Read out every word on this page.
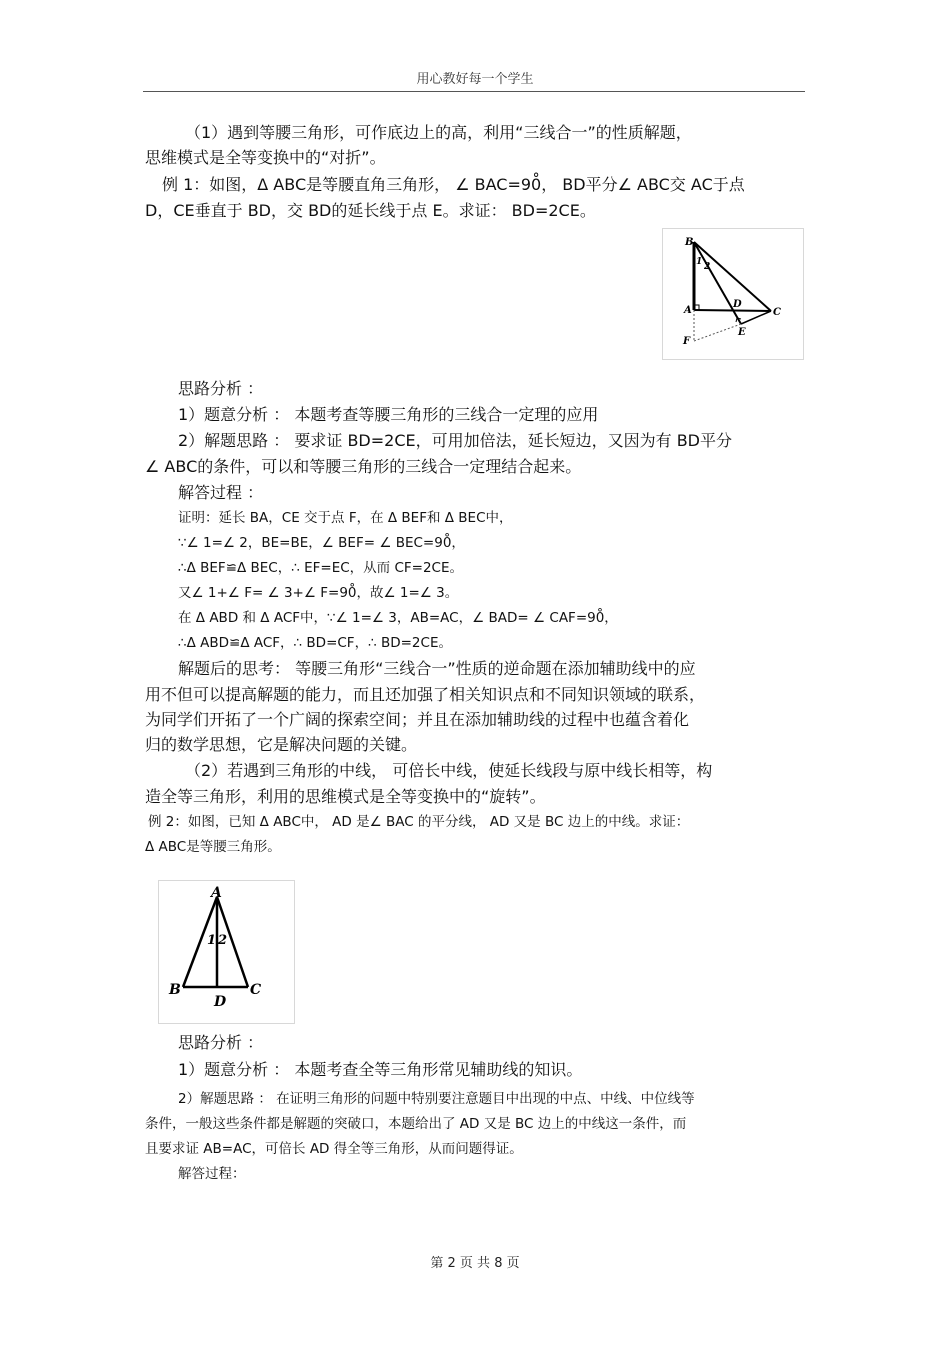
用心教好每一个学生
（1）遇到等腰三角形，可作底边上的高，利用“三线合一”的性质解题，
思维模式是全等变换中的“对折”。
例 1：如图，Δ ABC是等腰直角三角形， ∠ BAC=90̊， BD平分∠ ABC交 AC于点
D，CE垂直于 BD，交 BD的延长线于点 E。求证： BD=2CE。
B
1 2
A
D
C
E
F
思路分析 ：
1）题意分析 ： 本题考查等腰三角形的三线合一定理的应用
2）解题思路 ： 要求证 BD=2CE，可用加倍法，延长短边，又因为有 BD平分
∠ ABC的条件，可以和等腰三角形的三线合一定理结合起来。
解答过程 ：
证明：延长 BA，CE 交于点 F，在 Δ BEF和 Δ BEC中，
∵∠ 1=∠ 2，BE=BE，∠ BEF= ∠ BEC=90̊，
∴Δ BEF≌Δ BEC，∴ EF=EC，从而 CF=2CE。
又∠ 1+∠ F= ∠ 3+∠ F=90̊，故∠ 1=∠ 3。
在 Δ ABD 和 Δ ACF中，∵∠ 1=∠ 3，AB=AC，∠ BAD= ∠ CAF=90̊，
∴Δ ABD≌Δ ACF，∴ BD=CF，∴ BD=2CE。
解题后的思考： 等腰三角形“三线合一”性质的逆命题在添加辅助线中的应
用不但可以提高解题的能力，而且还加强了相关知识点和不同知识领域的联系，
为同学们开拓了一个广阔的探索空间；并且在添加辅助线的过程中也蕴含着化
归的数学思想，它是解决问题的关键。
（2）若遇到三角形的中线， 可倍长中线，使延长线段与原中线长相等，构
造全等三角形，利用的思维模式是全等变换中的“旋转”。
例 2：如图，已知 Δ ABC中， AD 是∠ BAC 的平分线， AD 又是 BC 边上的中线。求证：
Δ ABC是等腰三角形。
A
1 2
B
D
C
思路分析 ：
1）题意分析 ： 本题考查全等三角形常见辅助线的知识。
2）解题思路 ： 在证明三角形的问题中特别要注意题目中出现的中点、中线、中位线等
条件，一般这些条件都是解题的突破口，本题给出了 AD 又是 BC 边上的中线这一条件，而
且要求证 AB=AC，可倍长 AD 得全等三角形，从而问题得证。
解答过程：
第 2 页 共 8 页
